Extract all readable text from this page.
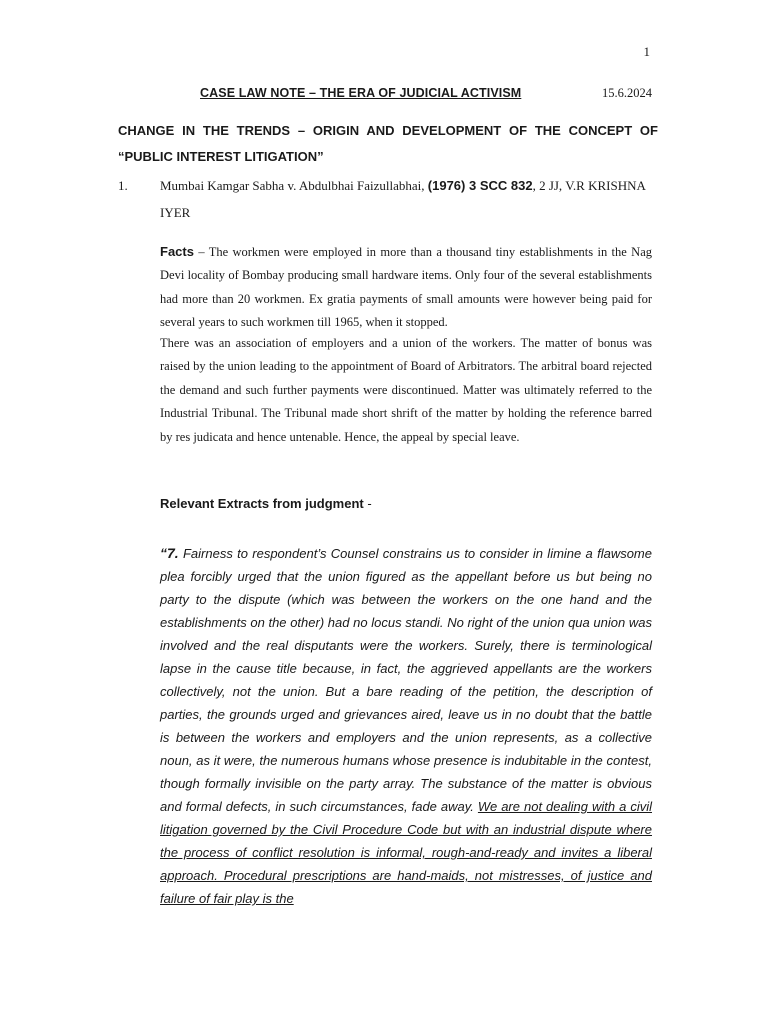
1
CASE LAW NOTE – THE ERA OF JUDICIAL ACTIVISM	15.6.2024
CHANGE IN THE TRENDS – ORIGIN AND DEVELOPMENT OF THE CONCEPT OF “PUBLIC INTEREST LITIGATION”
1.	Mumbai Kamgar Sabha v. Abdulbhai Faizullabhai, (1976) 3 SCC 832, 2 JJ, V.R KRISHNA IYER

Facts – The workmen were employed in more than a thousand tiny establishments in the Nag Devi locality of Bombay producing small hardware items. Only four of the several establishments had more than 20 workmen. Ex gratia payments of small amounts were however being paid for several years to such workmen till 1965, when it stopped.

There was an association of employers and a union of the workers. The matter of bonus was raised by the union leading to the appointment of Board of Arbitrators. The arbitral board rejected the demand and such further payments were discontinued. Matter was ultimately referred to the Industrial Tribunal. The Tribunal made short shrift of the matter by holding the reference barred by res judicata and hence untenable. Hence, the appeal by special leave.

Relevant Extracts from judgment -

“7. Fairness to respondent’s Counsel constrains us to consider in limine a flawsome plea forcibly urged that the union figured as the appellant before us but being no party to the dispute (which was between the workers on the one hand and the establishments on the other) had no locus standi. No right of the union qua union was involved and the real disputants were the workers. Surely, there is terminological lapse in the cause title because, in fact, the aggrieved appellants are the workers collectively, not the union. But a bare reading of the petition, the description of parties, the grounds urged and grievances aired, leave us in no doubt that the battle is between the workers and employers and the union represents, as a collective noun, as it were, the numerous humans whose presence is indubitable in the contest, though formally invisible on the party array. The substance of the matter is obvious and formal defects, in such circumstances, fade away. We are not dealing with a civil litigation governed by the Civil Procedure Code but with an industrial dispute where the process of conflict resolution is informal, rough-and-ready and invites a liberal approach. Procedural prescriptions are hand-maids, not mistresses, of justice and failure of fair play is the
